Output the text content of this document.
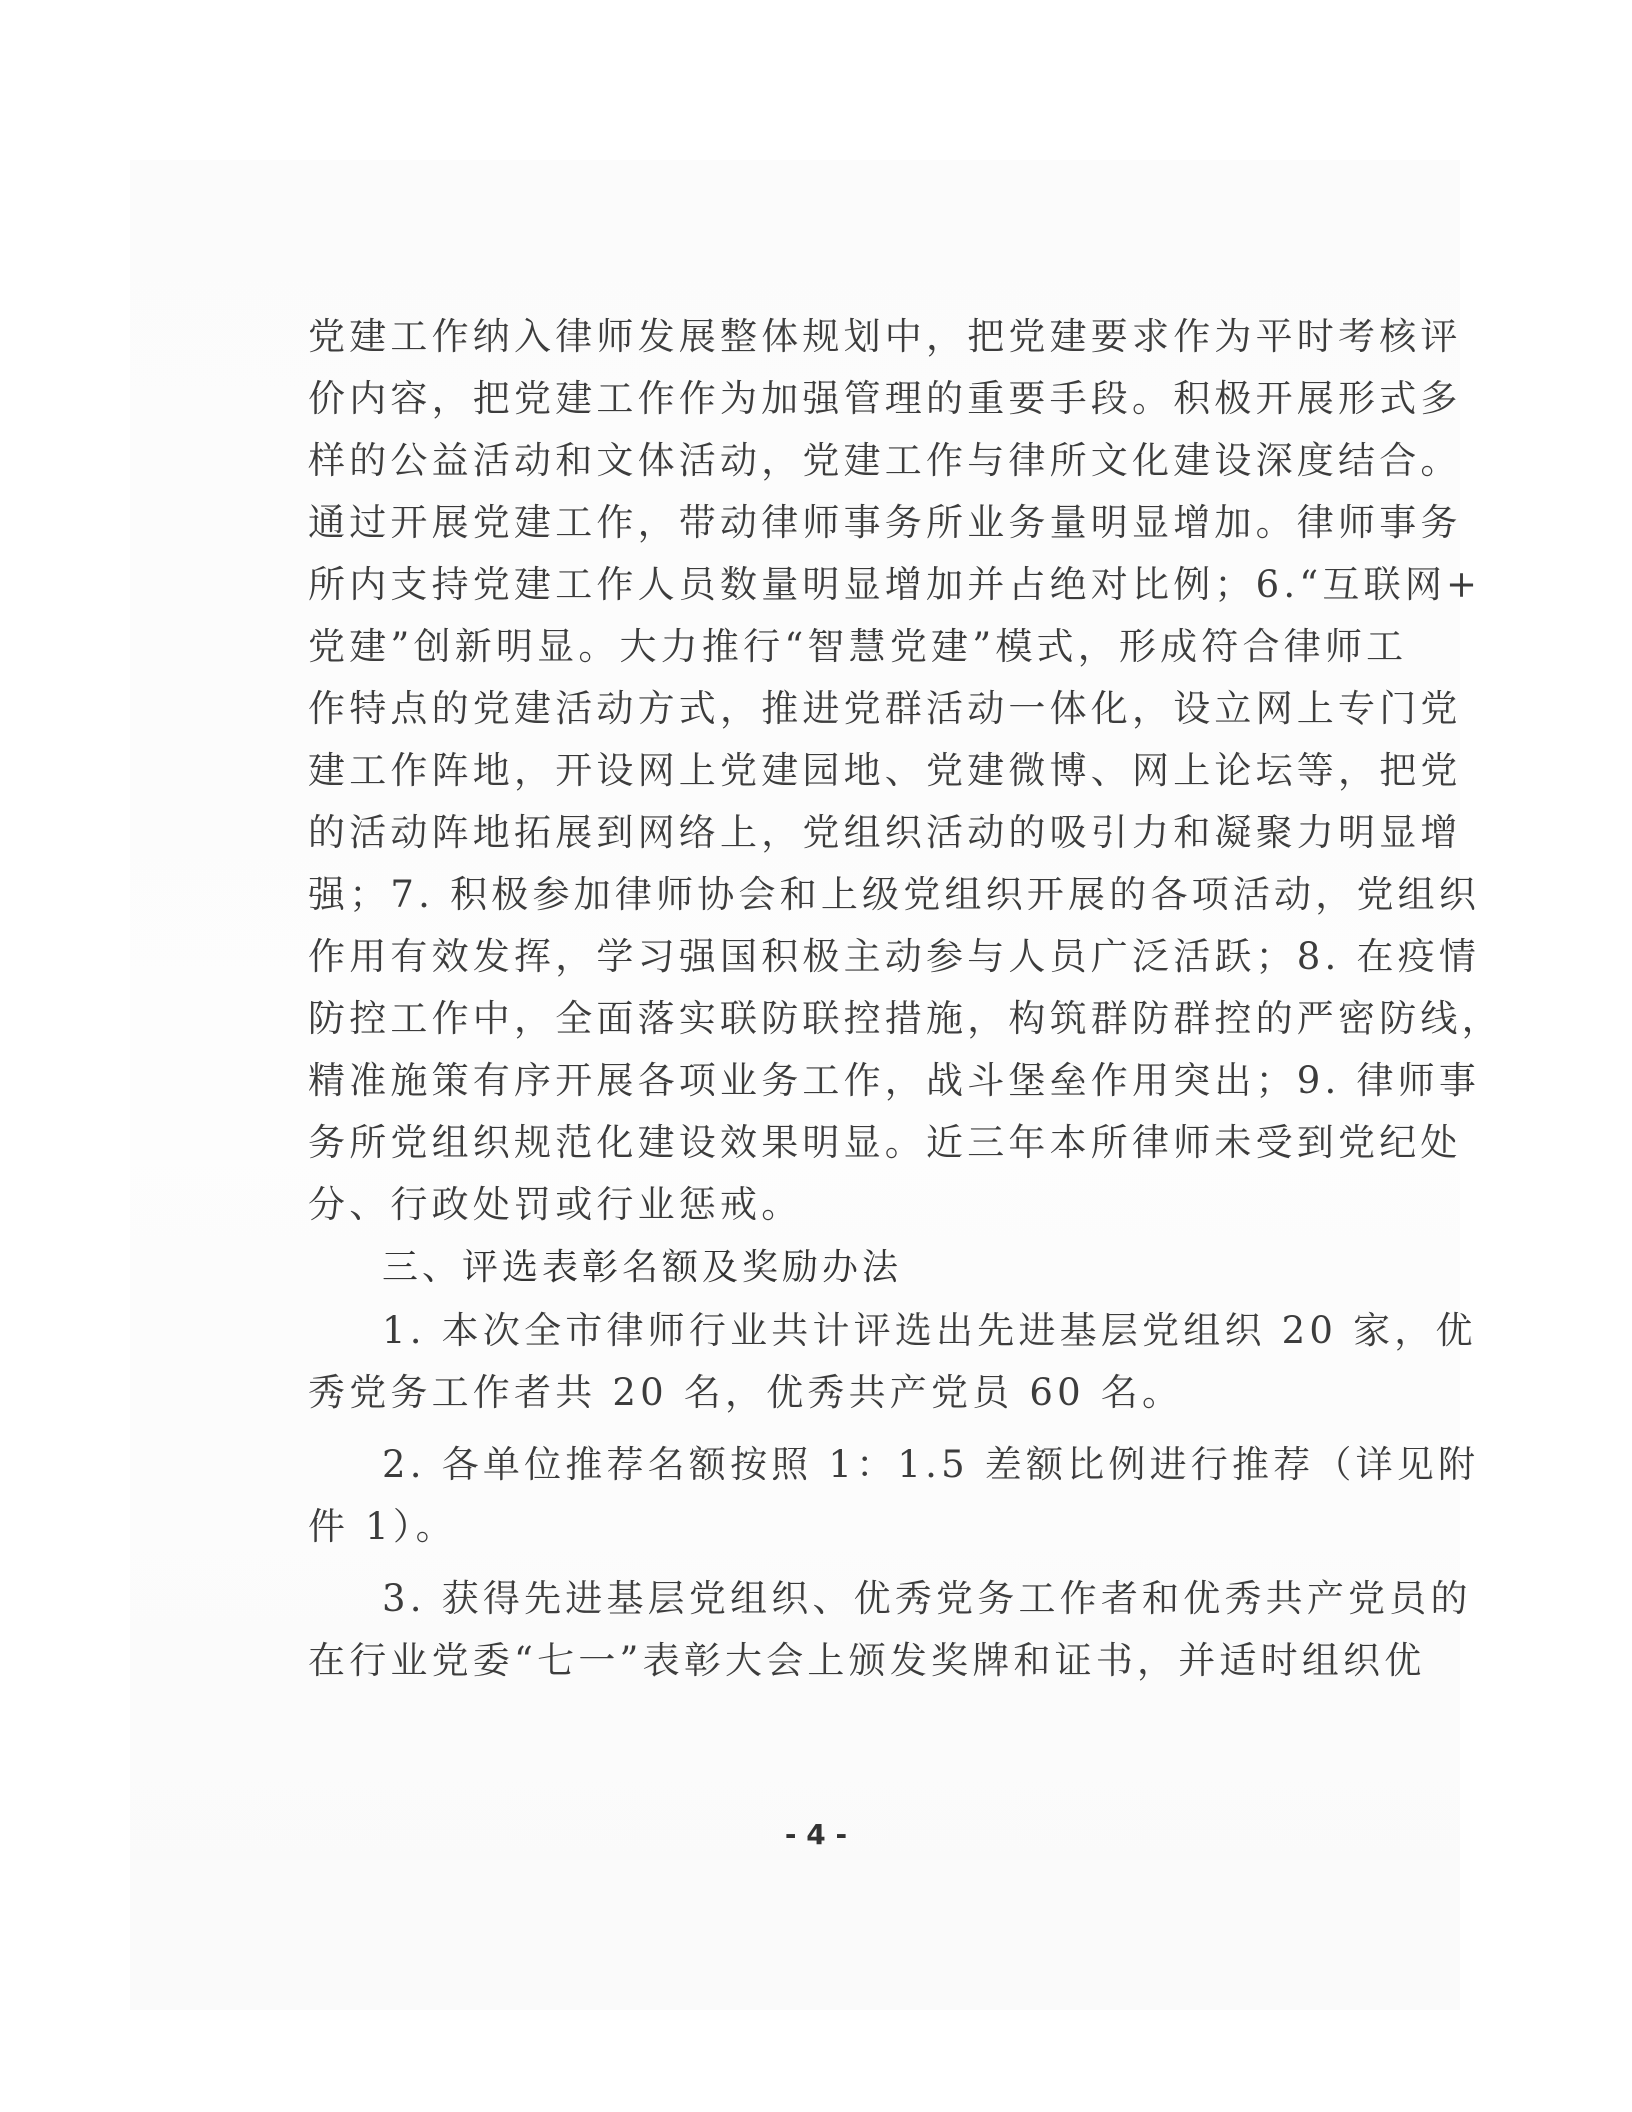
党建工作纳入律师发展整体规划中，把党建要求作为平时考核评
价内容，把党建工作作为加强管理的重要手段。积极开展形式多
样的公益活动和文体活动，党建工作与律所文化建设深度结合。
通过开展党建工作，带动律师事务所业务量明显增加。律师事务
所内支持党建工作人员数量明显增加并占绝对比例；6.“互联网+
党建”创新明显。大力推行“智慧党建”模式，形成符合律师工
作特点的党建活动方式，推进党群活动一体化，设立网上专门党
建工作阵地，开设网上党建园地、党建微博、网上论坛等，把党
的活动阵地拓展到网络上，党组织活动的吸引力和凝聚力明显增
强；7. 积极参加律师协会和上级党组织开展的各项活动，党组织
作用有效发挥，学习强国积极主动参与人员广泛活跃；8. 在疫情
防控工作中，全面落实联防联控措施，构筑群防群控的严密防线，
精准施策有序开展各项业务工作，战斗堡垒作用突出；9. 律师事
务所党组织规范化建设效果明显。近三年本所律师未受到党纪处
分、行政处罚或行业惩戒。
三、评选表彰名额及奖励办法
1. 本次全市律师行业共计评选出先进基层党组织 20 家，优
秀党务工作者共 20 名，优秀共产党员 60 名。
2. 各单位推荐名额按照 1：1.5 差额比例进行推荐（详见附
件 1）。
3. 获得先进基层党组织、优秀党务工作者和优秀共产党员的
在行业党委“七一”表彰大会上颁发奖牌和证书，并适时组织优
- 4 -
